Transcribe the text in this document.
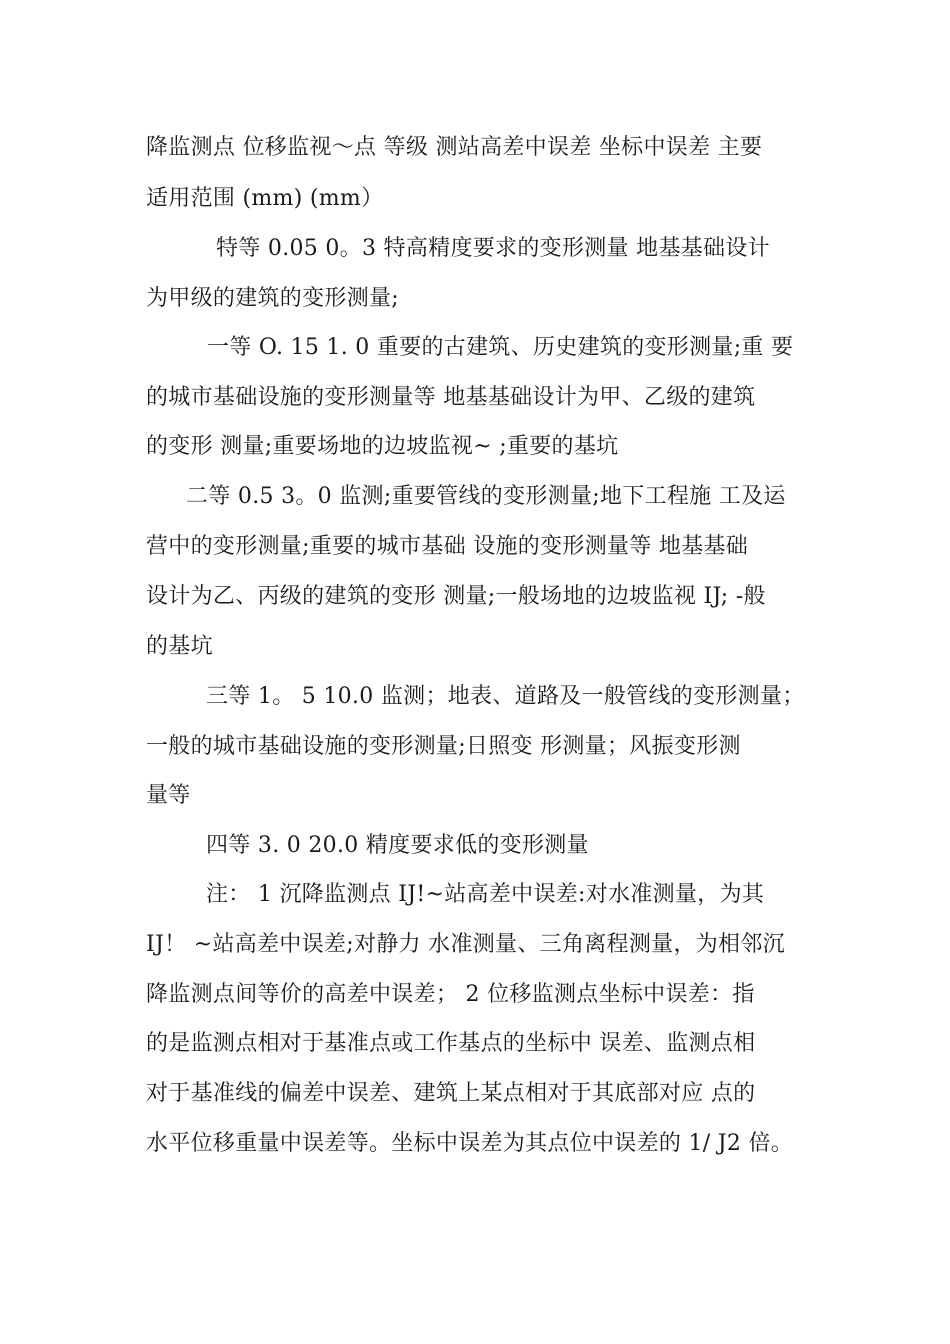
降监测点 位移监视～点 等级 测站高差中误差 坐标中误差 主要
适用范围 (mm) (mm）
特等 0.05 0。3 特高精度要求的变形测量 地基基础设计
为甲级的建筑的变形测量;
一等 O. 15 1. 0 重要的古建筑、历史建筑的变形测量;重 要
的城市基础设施的变形测量等 地基基础设计为甲、乙级的建筑
的变形 测量;重要场地的边坡监视~ ;重要的基坑
二等 0.5 3。0 监测;重要管线的变形测量;地下工程施 工及运
营中的变形测量;重要的城市基础 设施的变形测量等 地基基础
设计为乙、丙级的建筑的变形 测量;一般场地的边坡监视 IJ; -般
的基坑
三等 1。 5 10.0 监测；地表、道路及一般管线的变形测量；
一般的城市基础设施的变形测量;日照变 形测量；风振变形测
量等
四等 3. 0 20.0 精度要求低的变形测量
注： 1 沉降监测点 IJ!~站高差中误差:对水准测量，为其
IJ！ ~站高差中误差;对静力 水准测量、三角离程测量，为相邻沉
降监测点间等价的高差中误差； 2 位移监测点坐标中误差：指
的是监测点相对于基准点或工作基点的坐标中 误差、监测点相
对于基准线的偏差中误差、建筑上某点相对于其底部对应 点的
水平位移重量中误差等。坐标中误差为其点位中误差的 1/ J2 倍。
